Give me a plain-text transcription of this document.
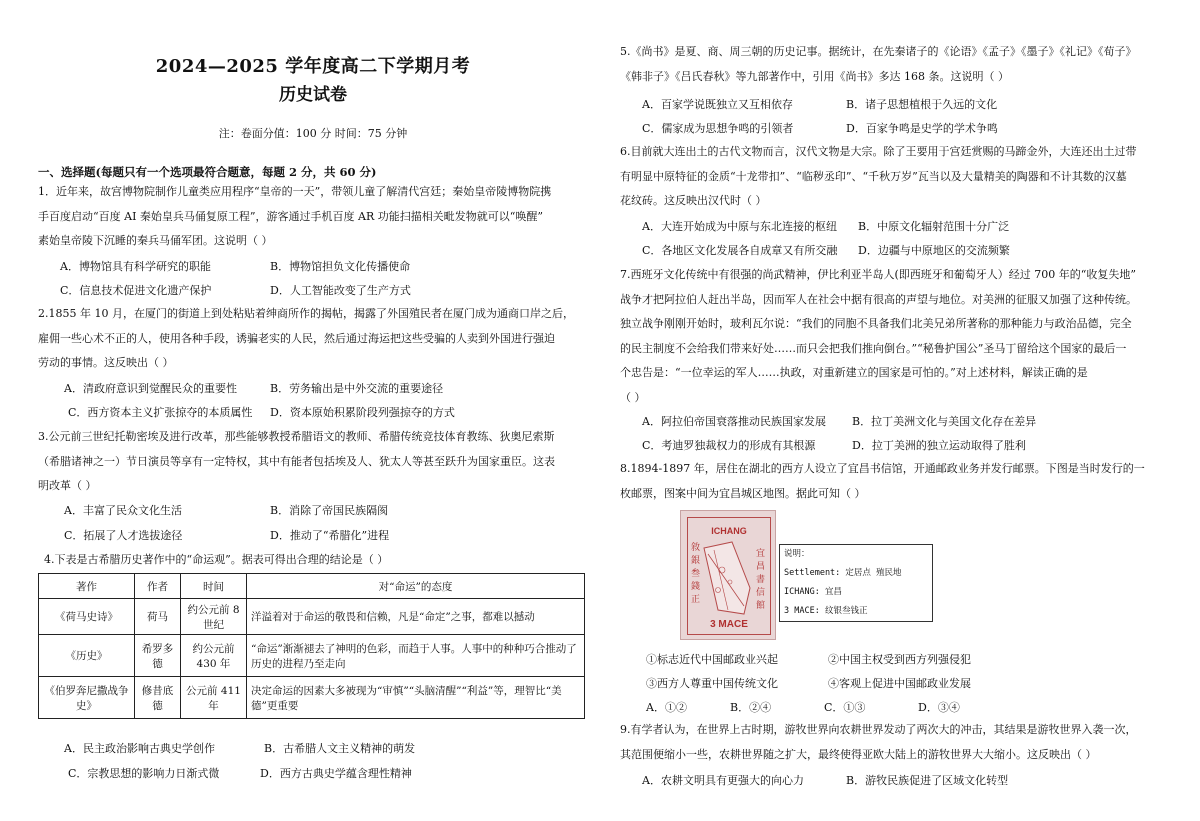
2024—2025 学年度高二下学期月考
历史试卷
注：卷面分值：100 分 时间：75 分钟
一、选择题(每题只有一个选项最符合题意，每题 2 分，共 60 分)
1．近年来，故宫博物院制作儿童类应用程序“皇帝的一天”，带领儿童了解清代宫廷；秦始皇帝陵博物院携
手百度启动“百度 AI 秦始皇兵马俑复原工程”，游客通过手机百度 AR 功能扫描相关毗发物就可以“唤醒”
素始皇帝陵下沉睡的秦兵马俑军团。这说明（ ）
A．博物馆具有科学研究的职能	B．博物馆担负文化传播使命
C．信息技术促进文化遗产保护	D．人工智能改变了生产方式
2.1855 年 10 月，在厦门的街道上到处粘贴着绅商所作的揭帖，揭露了外国殖民者在厦门成为通商口岸之后，
雇佣一些心术不正的人，使用各种手段，诱骗老实的人民，然后通过海运把这些受骗的人卖到外国进行强迫
劳动的事情。这反映出（ ）
A．清政府意识到觉醒民众的重要性	B．劳务输出是中外交流的重要途径
C．西方资本主义扩张掠夺的本质属性 D．资本原始积累阶段列强掠夺的方式
3.公元前三世纪托勒密埃及进行改革，那些能够教授希腊语文的教师、希腊传统竞技体育教练、狄奥尼索斯
（希腊诸神之一）节日演员等享有一定特权，其中有能者包括埃及人、犹太人等甚至跃升为国家重臣。这表
明改革（ ）
A．丰富了民众文化生活	B．消除了帝国民族隔阂
C．拓展了人才选拔途径	D．推动了“希腊化”进程
4.下表是古希腊历史著作中的“命运观”。据表可得出合理的结论是（ ）
著作	作者	时间	对“命运”的态度
《荷马史诗》	荷马	约公元前 8 世纪	洋溢着对于命运的敬畏和信赖，凡是“命定”之事，都难以撼动
《历史》	希罗多德	约公元前 430 年	“命运”渐渐褪去了神明的色彩，而趋于人事。人事中的种种巧合推动了历史的进程乃至走向
《伯罗奔尼撒战争史》	修昔底德	公元前 411 年	决定命运的因素大多被现为“审慎”“头脑清醒”“利益”等，理智比“美德”更重要
A．民主政治影响古典史学创作	B．古希腊人文主义精神的萌发
C．宗教思想的影响力日渐式微	D．西方古典史学蕴含理性精神
5.《尚书》是夏、商、周三朝的历史记事。据统计，在先秦诸子的《论语》《孟子》《墨子》《礼记》《荀子》
《韩非子》《吕氏春秋》等九部著作中，引用《尚书》多达 168 条。这说明（ ）
A．百家学说既独立又互相依存	B．诸子思想植根于久远的文化
C．儒家成为思想争鸣的引领者	D．百家争鸣是史学的学术争鸣
6.目前就大连出土的古代文物而言，汉代文物是大宗。除了王要用于宫廷赏赐的马蹄金外，大连还出土过带
有明显中原特征的金质“十龙带扣”、“临秽丞印”、“千秋万岁”瓦当以及大量精美的陶器和不计其数的汉墓
花纹砖。这反映出汉代时（ ）
A．大连开始成为中原与东北连接的枢纽 B．中原文化辐射范围十分广泛
C．各地区文化发展各自成章又有所交融 D．边疆与中原地区的交流频繁
7.西班牙文化传统中有很强的尚武精神，伊比利亚半岛人(即西班牙和葡萄牙人）经过 700 年的“收复失地”
战争才把阿拉伯人赶出半岛，因而军人在社会中据有很高的声望与地位。对美洲的征服又加强了这种传统。
独立战争刚刚开始时，玻利瓦尔说：“我们的同胞不具备我们北美兄弟所著称的那种能力与政治品德，完全
的民主制度不会给我们带来好处……而只会把我们推向倒台。”“秘鲁护国公”圣马丁留给这个国家的最后一
个忠告是：“一位幸运的军人……执政，对重新建立的国家是可怕的。”对上述材料，解读正确的是
（ ）
A．阿拉伯帝国衰落推动民族国家发展 B．拉丁美洲文化与美国文化存在差异
C．考迪罗独裁权力的形成有其根源	D．拉丁美洲的独立运动取得了胜利
8.1894-1897 年，居住在湖北的西方人设立了宜昌书信馆，开通邮政业务并发行邮票。下图是当时发行的一
枚邮票，图案中间为宜昌城区地图。据此可知（ ）
①标志近代中国邮政业兴起	②中国主权受到西方列强侵犯
③西方人尊重中国传统文化	④客观上促进中国邮政业发展
A．①②	B．②④	C．①③	D．③④
9.有学者认为，在世界上古时期，游牧世界向农耕世界发动了两次大的冲击，其结果是游牧世界入袭一次，
其范围便缩小一些，农耕世界随之扩大，最终使得亚欧大陆上的游牧世界大大缩小。这反映出（ ）
A．农耕文明具有更强大的向心力	B．游牧民族促进了区域文化转型
ICHANG
敘銀叁錢正
宜昌書信館
3 MACE
说明：
Settlement: 定居点 殖民地
ICHANG: 宜昌
3 MACE: 纹银叁钱正
